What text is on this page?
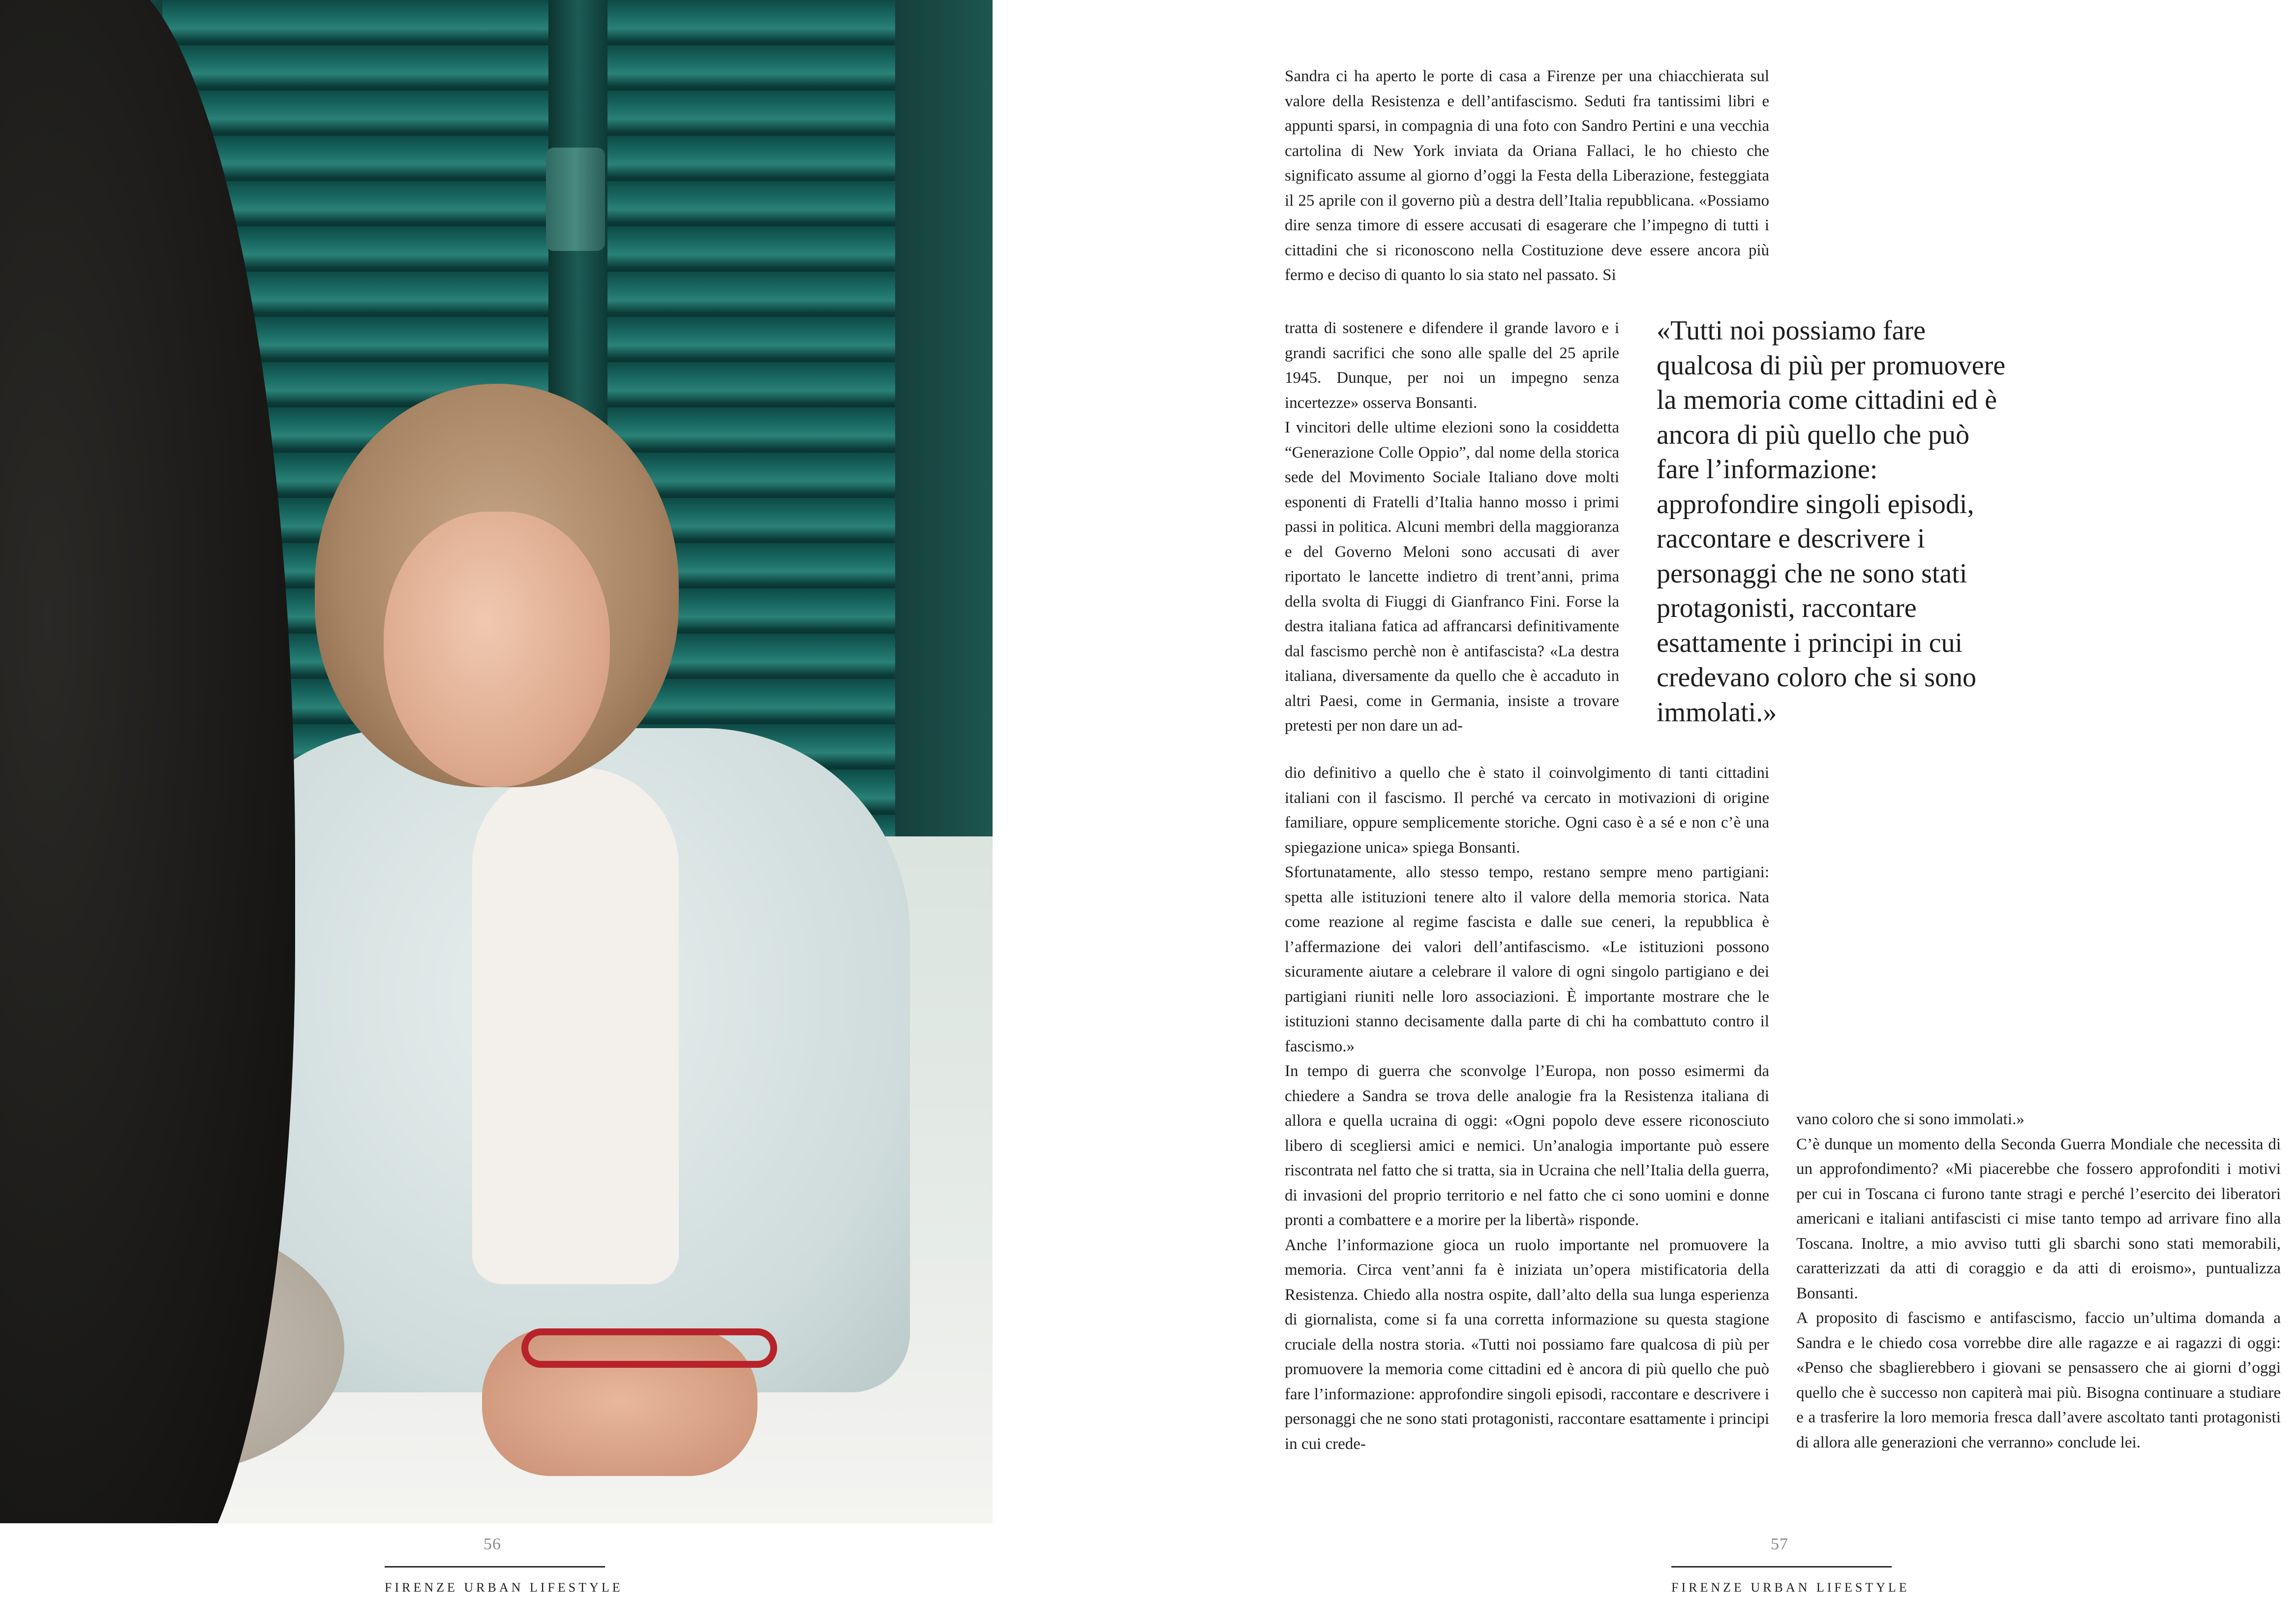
56
FIRENZE URBAN LIFESTYLE

Sandra ci ha aperto le porte di casa a Firenze per una chiacchierata sul valore della Resistenza e dell’antifascismo. Seduti fra tantissimi libri e appunti sparsi, in compagnia di una foto con Sandro Pertini e una vecchia cartolina di New York inviata da Oriana Fallaci, le ho chiesto che significato assume al giorno d’oggi la Festa della Liberazione, festeggiata il 25 aprile con il governo più a destra dell’Italia repubblicana. «Possiamo dire senza timore di essere accusati di esagerare che l’impegno di tutti i cittadini che si riconoscono nella Costituzione deve essere ancora più fermo e deciso di quanto lo sia stato nel passato. Si

tratta di sostenere e difendere il grande lavoro e i grandi sacrifici che sono alle spalle del 25 aprile 1945. Dunque, per noi un impegno senza incertezze» osserva Bonsanti.

I vincitori delle ultime elezioni sono la cosiddetta “Generazione Colle Oppio”, dal nome della storica sede del Movimento Sociale Italiano dove molti esponenti di Fratelli d’Italia hanno mosso i primi passi in politica. Alcuni membri della maggioranza e del Governo Meloni sono accusati di aver riportato le lancette indietro di trent’anni, prima della svolta di Fiuggi di Gianfranco Fini. Forse la destra italiana fatica ad affrancarsi definitivamente dal fascismo perchè non è antifascista? «La destra italiana, diversamente da quello che è accaduto in altri Paesi, come in Germania, insiste a trovare pretesti per non dare un ad-

dio definitivo a quello che è stato il coinvolgimento di tanti cittadini italiani con il fascismo. Il perché va cercato in motivazioni di origine familiare, oppure semplicemente storiche. Ogni caso è a sé e non c’è una spiegazione unica» spiega Bonsanti.

Sfortunatamente, allo stesso tempo, restano sempre meno partigiani: spetta alle istituzioni tenere alto il valore della memoria storica. Nata come reazione al regime fascista e dalle sue ceneri, la repubblica è l’affermazione dei valori dell’antifascismo. «Le istituzioni possono sicuramente aiutare a celebrare il valore di ogni singolo partigiano e dei partigiani riuniti nelle loro associazioni. È importante mostrare che le istituzioni stanno decisamente dalla parte di chi ha combattuto contro il fascismo.»

In tempo di guerra che sconvolge l’Europa, non posso esimermi da chiedere a Sandra se trova delle analogie fra la Resistenza italiana di allora e quella ucraina di oggi: «Ogni popolo deve essere riconosciuto libero di scegliersi amici e nemici. Un’analogia importante può essere riscontrata nel fatto che si tratta, sia in Ucraina che nell’Italia della guerra, di invasioni del proprio territorio e nel fatto che ci sono uomini e donne pronti a combattere e a morire per la libertà» risponde.

Anche l’informazione gioca un ruolo importante nel promuovere la memoria. Circa vent’anni fa è iniziata un’opera mistificatoria della Resistenza. Chiedo alla nostra ospite, dall’alto della sua lunga esperienza di giornalista, come si fa una corretta informazione su questa stagione cruciale della nostra storia. «Tutti noi possiamo fare qualcosa di più per promuovere la memoria come cittadini ed è ancora di più quello che può fare l’informazione: approfondire singoli episodi, raccontare e descrivere i personaggi che ne sono stati protagonisti, raccontare esattamente i principi in cui crede-

«Tutti noi possiamo fare qualcosa di più per promuovere la memoria come cittadini ed è ancora di più quello che può fare l’informazione: approfondire singoli episodi, raccontare e descrivere i personaggi che ne sono stati protagonisti, raccontare esattamente i principi in cui credevano coloro che si sono immolati.»

vano coloro che si sono immolati.»

C’è dunque un momento della Seconda Guerra Mondiale che necessita di un approfondimento? «Mi piacerebbe che fossero approfonditi i motivi per cui in Toscana ci furono tante stragi e perché l’esercito dei liberatori americani e italiani antifascisti ci mise tanto tempo ad arrivare fino alla Toscana. Inoltre, a mio avviso tutti gli sbarchi sono stati memorabili, caratterizzati da atti di coraggio e da atti di eroismo», puntualizza Bonsanti.

A proposito di fascismo e antifascismo, faccio un’ultima domanda a Sandra e le chiedo cosa vorrebbe dire alle ragazze e ai ragazzi di oggi: «Penso che sbaglierebbero i giovani se pensassero che ai giorni d’oggi quello che è successo non capiterà mai più. Bisogna continuare a studiare e a trasferire la loro memoria fresca dall’avere ascoltato tanti protagonisti di allora alle generazioni che verranno» conclude lei.

57
FIRENZE URBAN LIFESTYLE
